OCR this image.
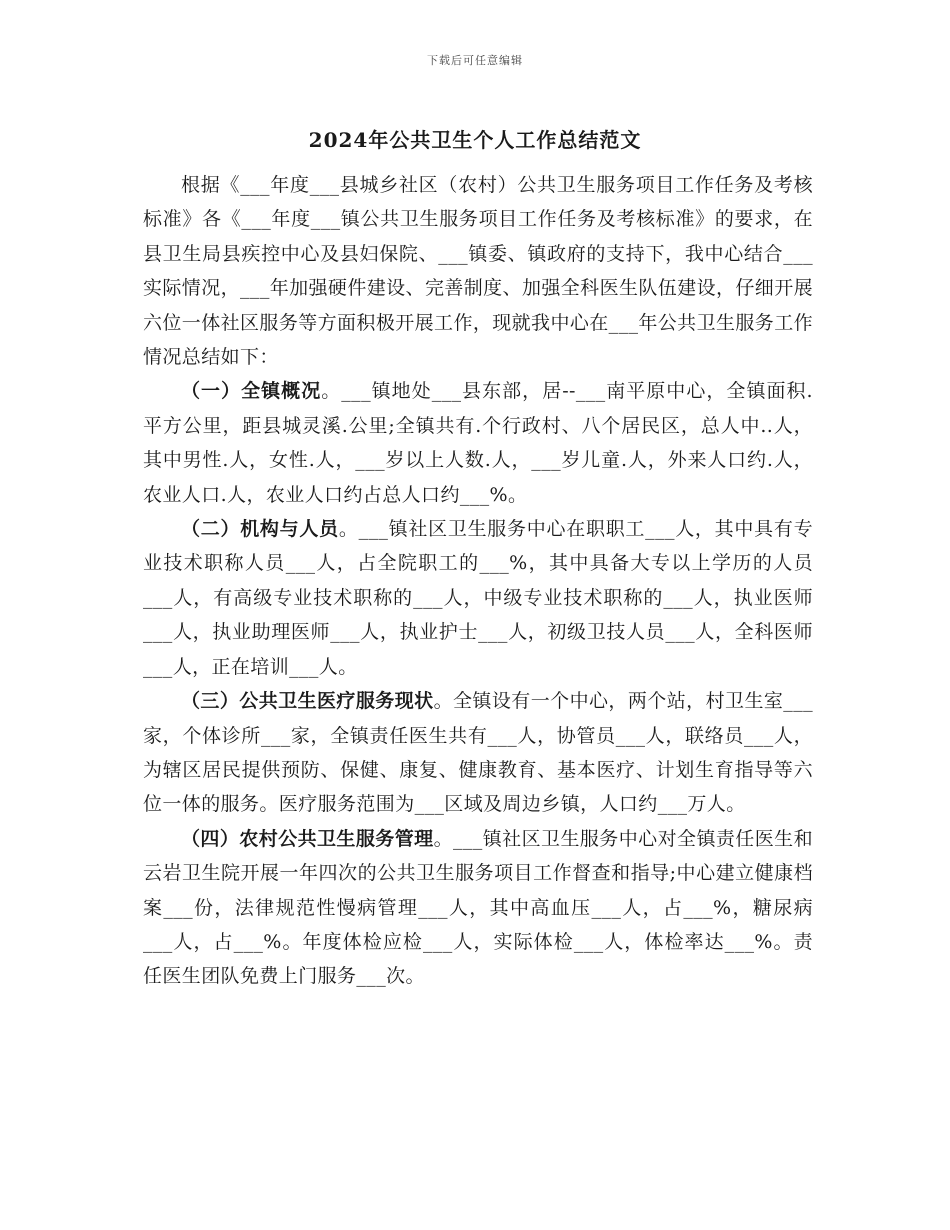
下载后可任意编辑
2024年公共卫生个人工作总结范文

根据《___年度___县城乡社区（农村）公共卫生服务项目工作任务及考核标准》各《___年度___镇公共卫生服务项目工作任务及考核标准》的要求，在县卫生局县疾控中心及县妇保院、___镇委、镇政府的支持下，我中心结合___实际情况，___年加强硬件建设、完善制度、加强全科医生队伍建设，仔细开展六位一体社区服务等方面积极开展工作，现就我中心在___年公共卫生服务工作情况总结如下：

（一）全镇概况。___镇地处___县东部，居--___南平原中心，全镇面积.平方公里，距县城灵溪.公里;全镇共有.个行政村、八个居民区，总人中..人，其中男性.人，女性.人，___岁以上人数.人，___岁儿童.人，外来人口约.人，农业人口.人，农业人口约占总人口约___%。

（二）机构与人员。___镇社区卫生服务中心在职职工___人，其中具有专业技术职称人员___人，占全院职工的___%，其中具备大专以上学历的人员___人，有高级专业技术职称的___人，中级专业技术职称的___人，执业医师___人，执业助理医师___人，执业护士___人，初级卫技人员___人，全科医师___人，正在培训___人。

（三）公共卫生医疗服务现状。全镇设有一个中心，两个站，村卫生室___家，个体诊所___家，全镇责任医生共有___人，协管员___人，联络员___人，为辖区居民提供预防、保健、康复、健康教育、基本医疗、计划生育指导等六位一体的服务。医疗服务范围为___区域及周边乡镇，人口约___万人。

（四）农村公共卫生服务管理。___镇社区卫生服务中心对全镇责任医生和云岩卫生院开展一年四次的公共卫生服务项目工作督查和指导;中心建立健康档案___份，法律规范性慢病管理___人，其中高血压___人，占___%，糖尿病___人，占___%。年度体检应检___人，实际体检___人，体检率达___%。责任医生团队免费上门服务___次。
